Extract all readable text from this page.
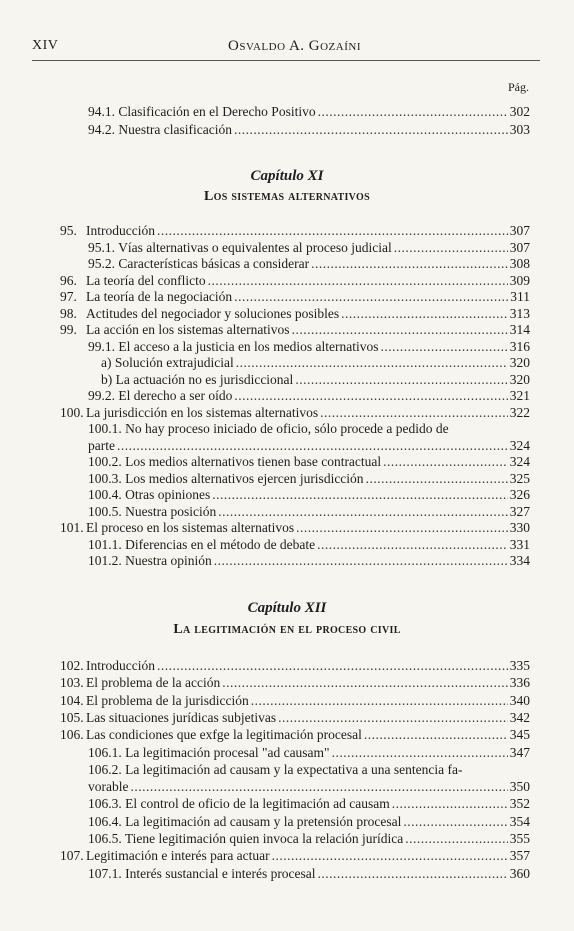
XIV	Osvaldo A. Gozaíni
Pág.
94.1. Clasificación en el Derecho Positivo .....	302
94.2. Nuestra clasificación .....	303
Capítulo XI
Los sistemas alternativos
95. Introducción .....	307
95.1. Vías alternativas o equivalentes al proceso judicial .....	307
95.2. Características básicas a considerar .....	308
96. La teoría del conflicto .....	309
97. La teoría de la negociación .....	311
98. Actitudes del negociador y soluciones posibles .....	313
99. La acción en los sistemas alternativos .....	314
99.1. El acceso a la justicia en los medios alternativos .....	316
a) Solución extrajudicial .....	320
b) La actuación no es jurisdiccional .....	320
99.2. El derecho a ser oído .....	321
100. La jurisdicción en los sistemas alternativos .....	322
100.1. No hay proceso iniciado de oficio, sólo procede a pedido de
parte .....	324
100.2. Los medios alternativos tienen base contractual .....	324
100.3. Los medios alternativos ejercen jurisdicción .....	325
100.4. Otras opiniones .....	326
100.5. Nuestra posición .....	327
101. El proceso en los sistemas alternativos .....	330
101.1. Diferencias en el método de debate .....	331
101.2. Nuestra opinión .....	334
Capítulo XII
La legitimación en el proceso civil
102. Introducción .....	335
103. El problema de la acción .....	336
104. El problema de la jurisdicción .....	340
105. Las situaciones jurídicas subjetivas .....	342
106. Las condiciones que exfge la legitimación procesal .....	345
106.1. La legitimación procesal "ad causam" .....	347
106.2. La legitimación ad causam y la expectativa a una sentencia fa-
vorable .....	350
106.3. El control de oficio de la legitimación ad causam .....	352
106.4. La legitimación ad causam y la pretensión procesal .....	354
106.5. Tiene legitimación quien invoca la relación jurídica .....	355
107. Legitimación e interés para actuar .....	357
107.1. Interés sustancial e interés procesal .....	360
